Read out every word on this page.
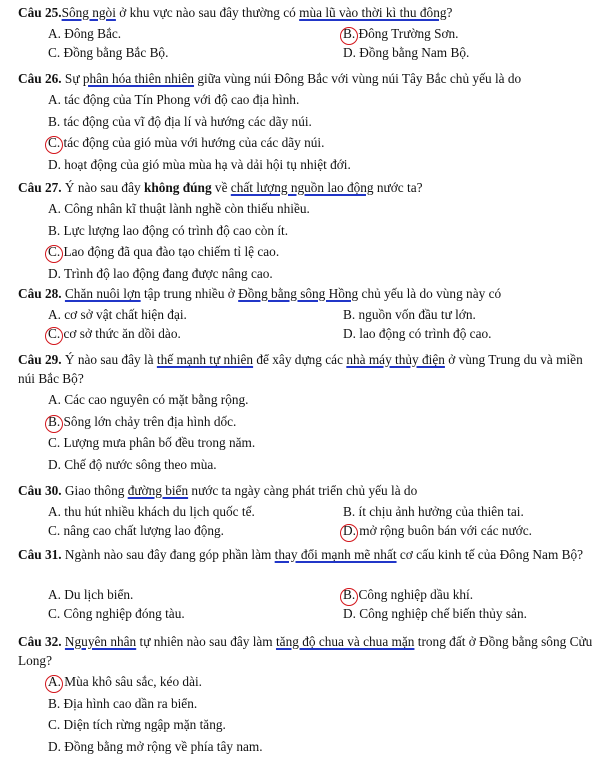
Câu 25.Sông ngòi ở khu vực nào sau đây thường có mùa lũ vào thời kì thu đông?
A. Đông Bắc.	B. Đông Trường Sơn.
C. Đồng bằng Bắc Bộ.	D. Đồng bằng Nam Bộ.
Câu 26. Sự phân hóa thiên nhiên giữa vùng núi Đông Bắc với vùng núi Tây Bắc chủ yếu là do
A. tác động của Tín Phong với độ cao địa hình.
B. tác động của vĩ độ địa lí và hướng các dãy núi.
C. tác động của gió mùa với hướng của các dãy núi.
D. hoạt động của gió mùa mùa hạ và dải hội tụ nhiệt đới.
Câu 27. Ý nào sau đây không đúng về chất lượng nguồn lao động nước ta?
A. Công nhân kĩ thuật lành nghề còn thiếu nhiều.
B. Lực lượng lao động có trình độ cao còn ít.
C. Lao động đã qua đào tạo chiếm tỉ lệ cao.
D. Trình độ lao động đang được nâng cao.
Câu 28. Chăn nuôi lợn tập trung nhiều ở Đồng bằng sông Hồng chủ yếu là do vùng này có
A. cơ sở vật chất hiện đại.	B. nguồn vốn đầu tư lớn.
C. cơ sở thức ăn dồi dào.	D. lao động có trình độ cao.
Câu 29. Ý nào sau đây là thế mạnh tự nhiên để xây dựng các nhà máy thủy điện ở vùng Trung du và miền núi Bắc Bộ?
A. Các cao nguyên có mặt bằng rộng.
B. Sông lớn chảy trên địa hình dốc.
C. Lượng mưa phân bố đều trong năm.
D. Chế độ nước sông theo mùa.
Câu 30. Giao thông đường biển nước ta ngày càng phát triển chủ yếu là do
A. thu hút nhiều khách du lịch quốc tế.	B. ít chịu ảnh hưởng của thiên tai.
C. nâng cao chất lượng lao động.	D. mở rộng buôn bán với các nước.
Câu 31. Ngành nào sau đây đang góp phần làm thay đổi mạnh mẽ nhất cơ cấu kinh tế của Đông Nam Bộ?
A. Du lịch biển.	B. Công nghiệp dầu khí.
C. Công nghiệp đóng tàu.	D. Công nghiệp chế biến thủy sản.
Câu 32. Nguyên nhân tự nhiên nào sau đây làm tăng độ chua và chua mặn trong đất ở Đồng bằng sông Cửu Long?
A. Mùa khô sâu sắc, kéo dài.
B. Địa hình cao dần ra biển.
C. Diện tích rừng ngập mặn tăng.
D. Đồng bằng mở rộng về phía tây nam.
